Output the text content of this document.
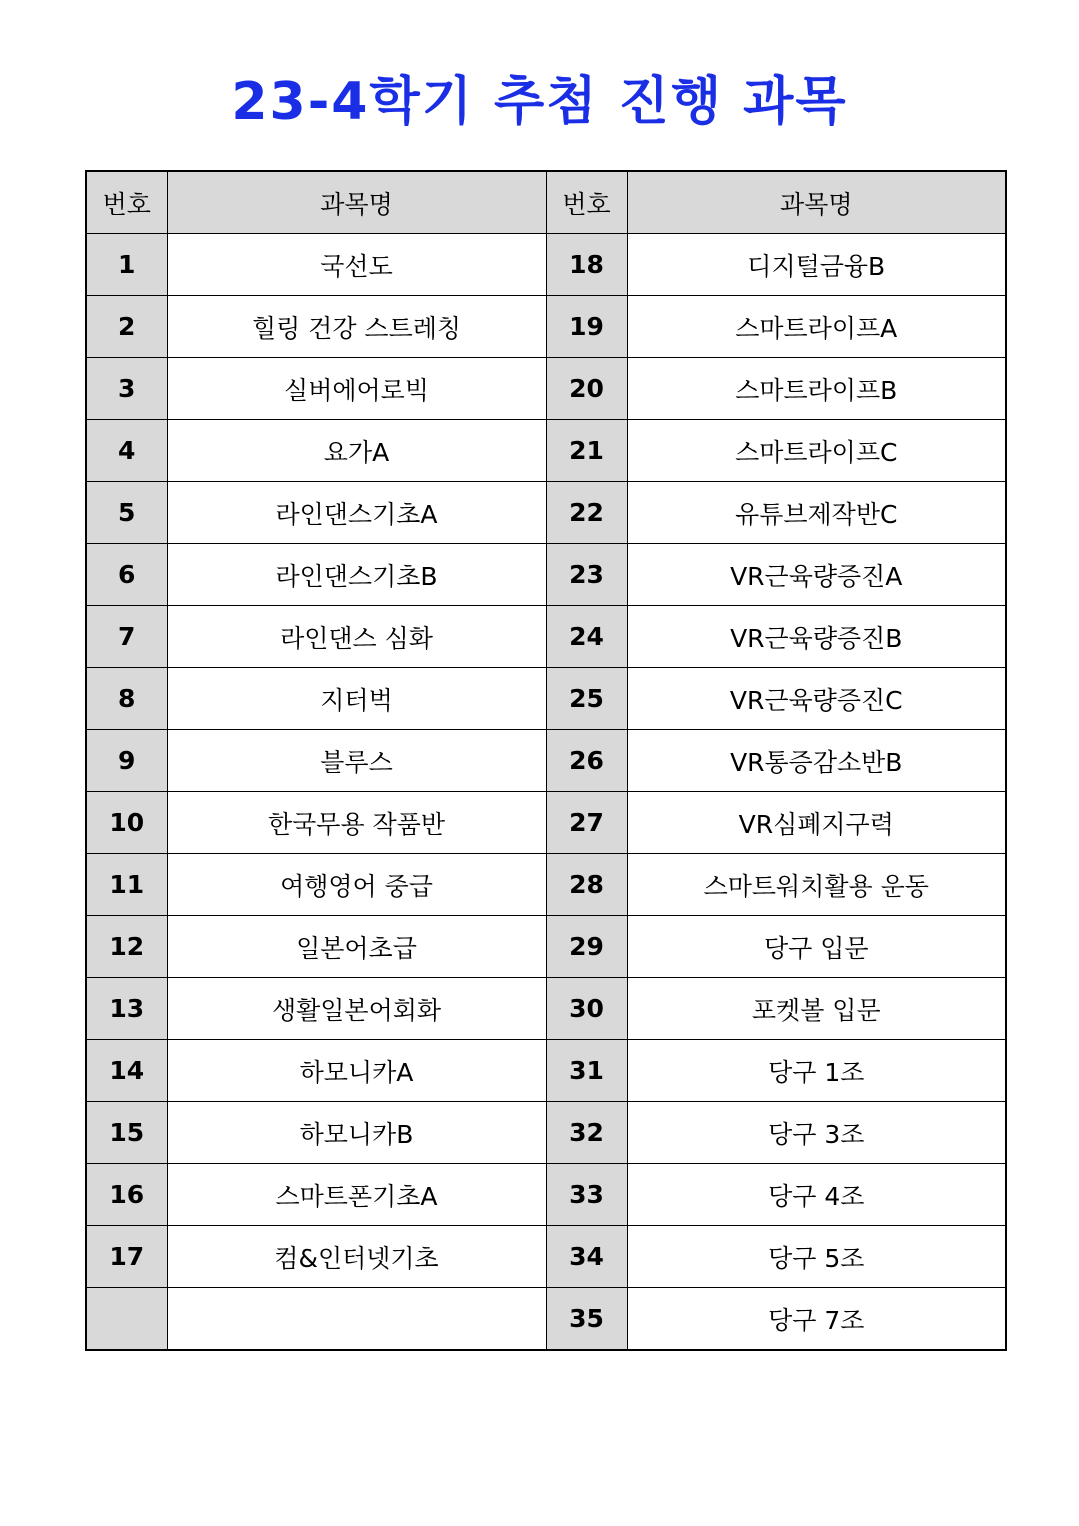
23-4학기 추첨 진행 과목
번호	과목명	번호	과목명
1	국선도	18	디지털금융B
2	힐링 건강 스트레칭	19	스마트라이프A
3	실버에어로빅	20	스마트라이프B
4	요가A	21	스마트라이프C
5	라인댄스기초A	22	유튜브제작반C
6	라인댄스기초B	23	VR근육량증진A
7	라인댄스 심화	24	VR근육량증진B
8	지터벅	25	VR근육량증진C
9	블루스	26	VR통증감소반B
10	한국무용 작품반	27	VR심폐지구력
11	여행영어 중급	28	스마트워치활용 운동
12	일본어초급	29	당구 입문
13	생활일본어회화	30	포켓볼 입문
14	하모니카A	31	당구 1조
15	하모니카B	32	당구 3조
16	스마트폰기초A	33	당구 4조
17	컴&인터넷기초	34	당구 5조
		35	당구 7조
